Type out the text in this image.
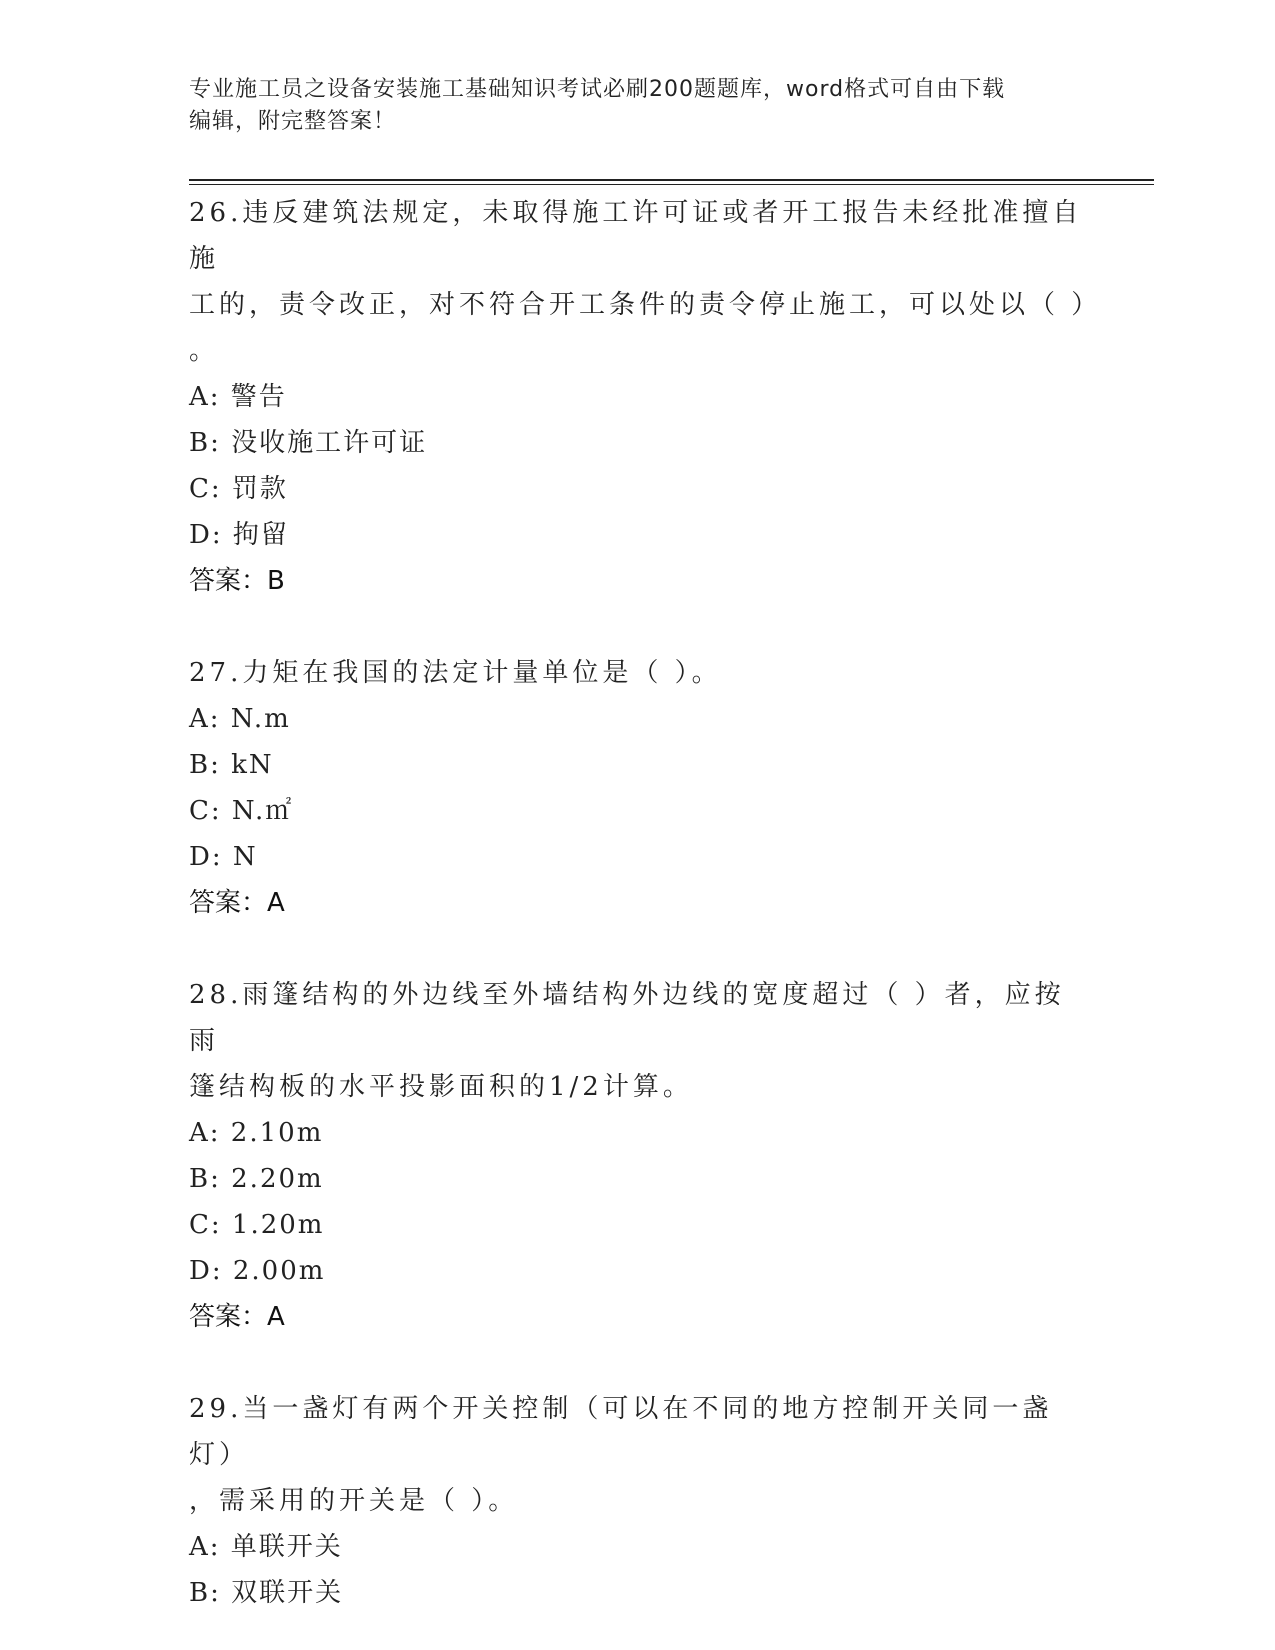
专业施工员之设备安装施工基础知识考试必刷200题题库，word格式可自由下载
编辑，附完整答案！

26.违反建筑法规定，未取得施工许可证或者开工报告未经批准擅自施

工的，责令改正，对不符合开工条件的责令停止施工，可以处以（ ）

。

A: 警告

B: 没收施工许可证

C: 罚款

D: 拘留

答案：B

27.力矩在我国的法定计量单位是（ ）。

A: N.m

B: kN

C: N.㎡

D: N

答案：A

28.雨篷结构的外边线至外墙结构外边线的宽度超过（ ）者，应按雨

篷结构板的水平投影面积的1/2计算。

A: 2.10m

B: 2.20m

C: 1.20m

D: 2.00m

答案：A

29.当一盏灯有两个开关控制（可以在不同的地方控制开关同一盏灯）

，需采用的开关是（ ）。

A: 单联开关

B: 双联开关
